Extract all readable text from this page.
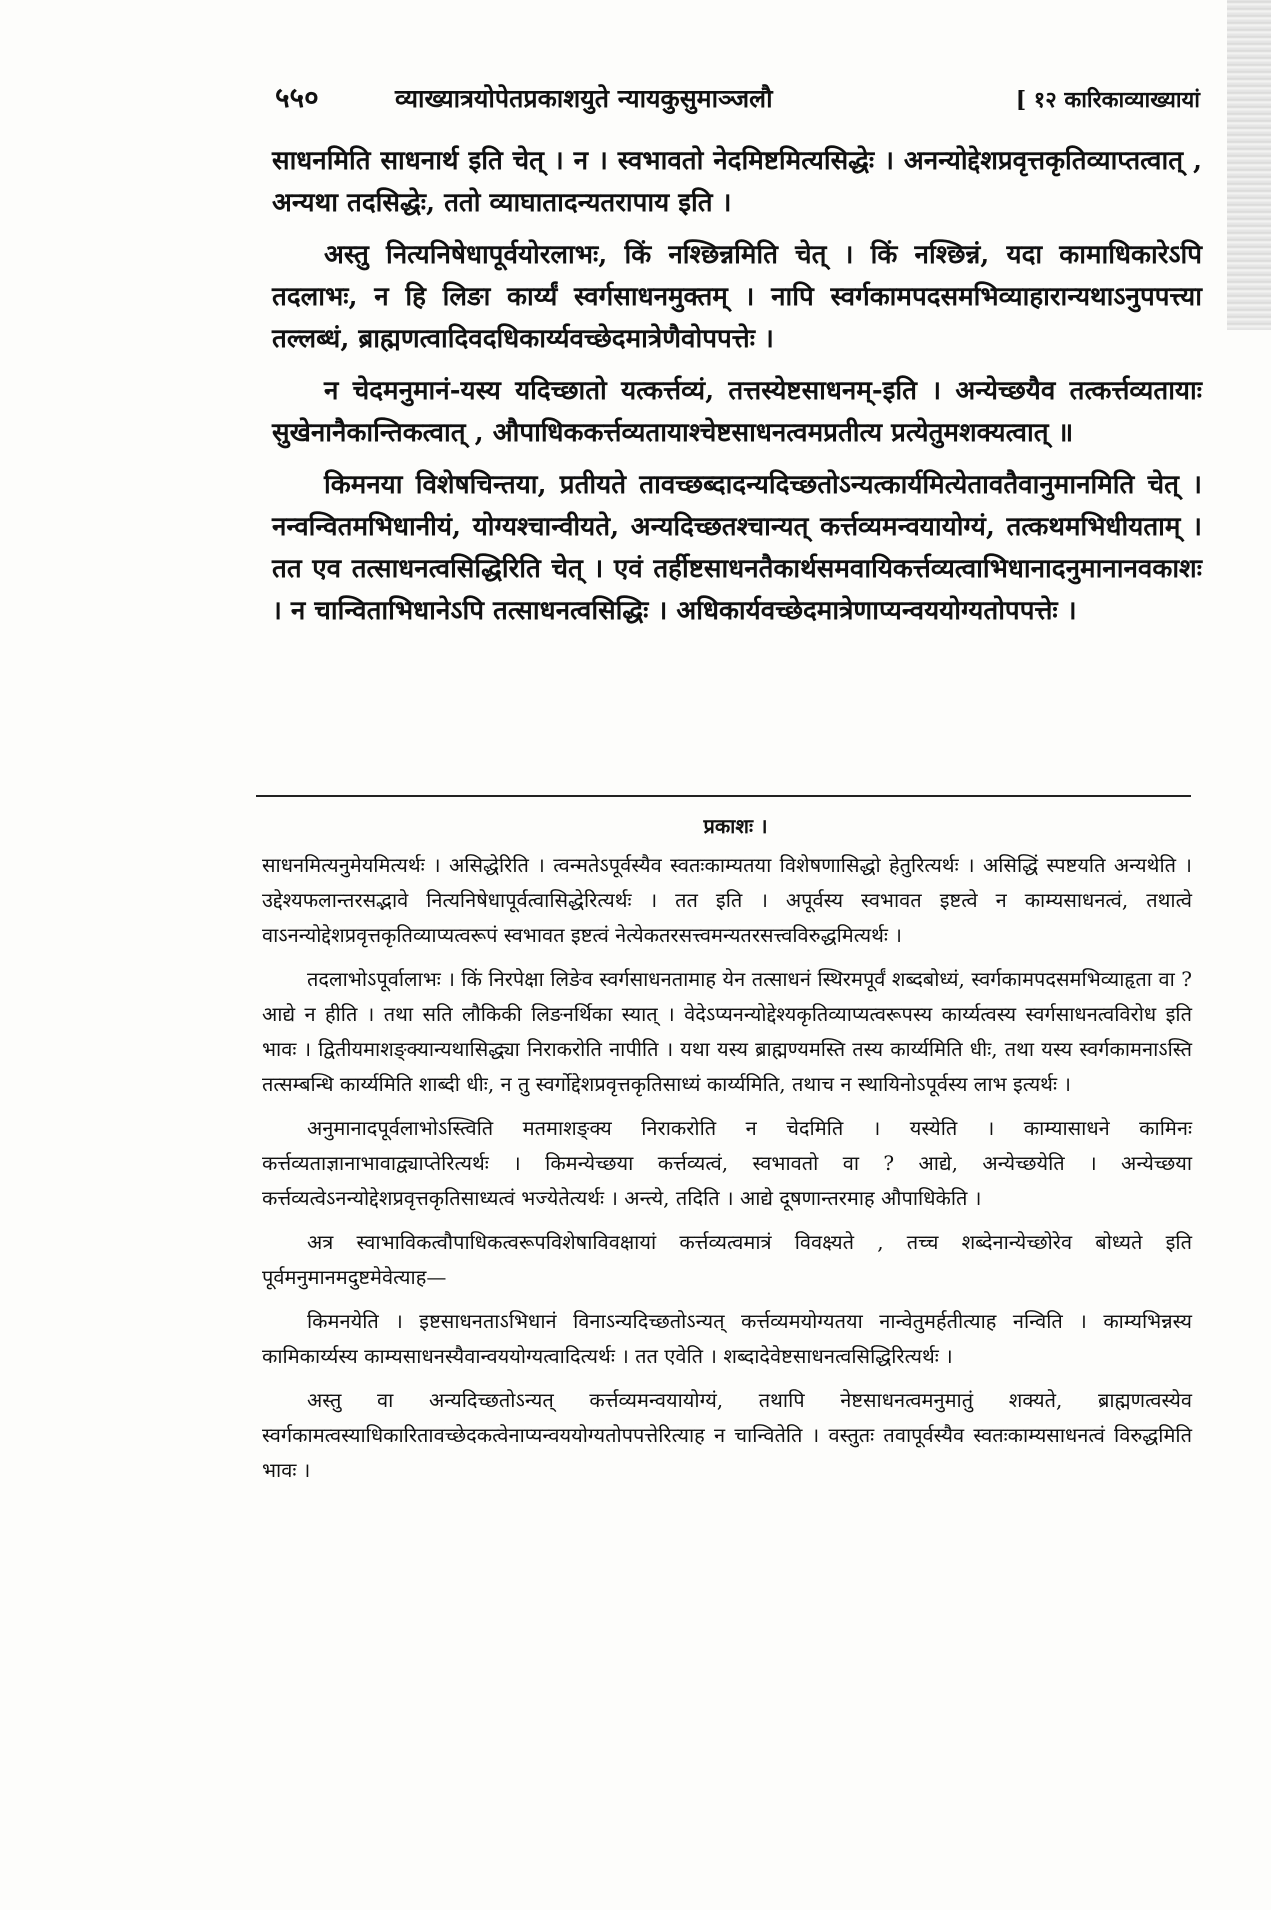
५५०	व्याख्यात्रयोपेतप्रकाशयुते न्यायकुसुमाञ्जलौ	[ १२ कारिकाव्याख्यायां

साधनमिति साधनार्थ इति चेत् । न । स्वभावतो नेदमिष्टमित्यसिद्धेः । अनन्योद्देशप्रवृत्तकृतिव्याप्तत्वात् , अन्यथा तदसिद्धेः, ततो व्याघातादन्यतरापाय इति ।

अस्तु नित्यनिषेधापूर्वयोरलाभः, किं नश्छिन्नमिति चेत् । किं नश्छिन्नं, यदा कामाधिकारेऽपि तदलाभः, न हि लिङा कार्य्यं स्वर्गसाधनमुक्तम् । नापि स्वर्गकामपदसमभिव्याहारान्यथाऽनुपपत्त्या तल्लब्धं, ब्राह्मणत्वादिवदधिकार्य्यवच्छेदमात्रेणैवोपपत्तेः ।

न चेदमनुमानं-यस्य यदिच्छातो यत्कर्त्तव्यं, तत्तस्येष्टसाधनम्-इति । अन्येच्छयैव तत्कर्त्तव्यतायाः सुखेनानैकान्तिकत्वात् , औपाधिककर्त्तव्यतायाश्चेष्टसाधनत्वमप्रतीत्य प्रत्येतुमशक्यत्वात् ॥

किमनया विशेषचिन्तया, प्रतीयते तावच्छब्दादन्यदिच्छतोऽन्यत्कार्यमित्येतावतैवानुमानमिति चेत् । नन्वन्वितमभिधानीयं, योग्यश्चान्वीयते, अन्यदिच्छतश्चान्यत् कर्त्तव्यमन्वयायोग्यं, तत्कथमभिधीयताम् । तत एव तत्साधनत्वसिद्धिरिति चेत् । एवं तर्हीष्टसाधनतैकार्थसमवायिकर्त्तव्यत्वाभिधानादनुमानानवकाशः । न चान्विताभिधानेऽपि तत्साधनत्वसिद्धिः । अधिकार्यवच्छेदमात्रेणाप्यन्वययोग्यतोपपत्तेः ।

प्रकाशः ।

साधनमित्यनुमेयमित्यर्थः । असिद्धेरिति । त्वन्मतेऽपूर्वस्यैव स्वतःकाम्यतया विशेषणासिद्धो हेतुरित्यर्थः । असिद्धिं स्पष्टयति अन्यथेति । उद्देश्यफलान्तरसद्भावे नित्यनिषेधापूर्वत्वासिद्धेरित्यर्थः । तत इति । अपूर्वस्य स्वभावत इष्टत्वे न काम्यसाधनत्वं, तथात्वे वाऽनन्योद्देशप्रवृत्तकृतिव्याप्यत्वरूपं स्वभावत इष्टत्वं नेत्येकतरसत्त्वमन्यतरसत्त्वविरुद्धमित्यर्थः ।

तदलाभोऽपूर्वालाभः । किं निरपेक्षा लिङेव स्वर्गसाधनतामाह येन तत्साधनं स्थिरमपूर्वं शब्दबोध्यं, स्वर्गकामपदसमभिव्याहृता वा ? आद्ये न हीति । तथा सति लौकिकी लिङनर्थिका स्यात् । वेदेऽप्यनन्योद्देश्यकृतिव्याप्यत्वरूपस्य कार्य्यत्वस्य स्वर्गसाधनत्वविरोध इति भावः । द्वितीयमाशङ्क्यान्यथासिद्ध्या निराकरोति नापीति । यथा यस्य ब्राह्मण्यमस्ति तस्य कार्य्यमिति धीः, तथा यस्य स्वर्गकामनाऽस्ति तत्सम्बन्धि कार्य्यमिति शाब्दी धीः, न तु स्वर्गोद्देशप्रवृत्तकृतिसाध्यं कार्य्यमिति, तथाच न स्थायिनोऽपूर्वस्य लाभ इत्यर्थः ।

अनुमानादपूर्वलाभोऽस्त्विति मतमाशङ्क्य निराकरोति न चेदमिति । यस्येति । काम्यासाधने कामिनः कर्त्तव्यताज्ञानाभावाद्व्याप्तेरित्यर्थः । किमन्येच्छया कर्त्तव्यत्वं, स्वभावतो वा ? आद्ये, अन्येच्छयेति । अन्येच्छया कर्त्तव्यत्वेऽनन्योद्देशप्रवृत्तकृतिसाध्यत्वं भज्येतेत्यर्थः । अन्त्ये, तदिति । आद्ये दूषणान्तरमाह औपाधिकेति ।

अत्र स्वाभाविकत्वौपाधिकत्वरूपविशेषाविवक्षायां कर्त्तव्यत्वमात्रं विवक्ष्यते , तच्च शब्देनान्येच्छोरेव बोध्यते इति पूर्वमनुमानमदुष्टमेवेत्याह—

किमनयेति । इष्टसाधनताऽभिधानं विनाऽन्यदिच्छतोऽन्यत् कर्त्तव्यमयोग्यतया नान्वेतुमर्हतीत्याह नन्विति । काम्यभिन्नस्य कामिकार्य्यस्य काम्यसाधनस्यैवान्वययोग्यत्वादित्यर्थः । तत एवेति । शब्दादेवेष्टसाधनत्वसिद्धिरित्यर्थः ।

अस्तु वा अन्यदिच्छतोऽन्यत् कर्त्तव्यमन्वयायोग्यं, तथापि नेष्टसाधनत्वमनुमातुं शक्यते, ब्राह्मणत्वस्येव स्वर्गकामत्वस्याधिकारितावच्छेदकत्वेनाप्यन्वययोग्यतोपपत्तेरित्याह न चान्वितेति । वस्तुतः तवापूर्वस्यैव स्वतःकाम्यसाधनत्वं विरुद्धमिति भावः ।
